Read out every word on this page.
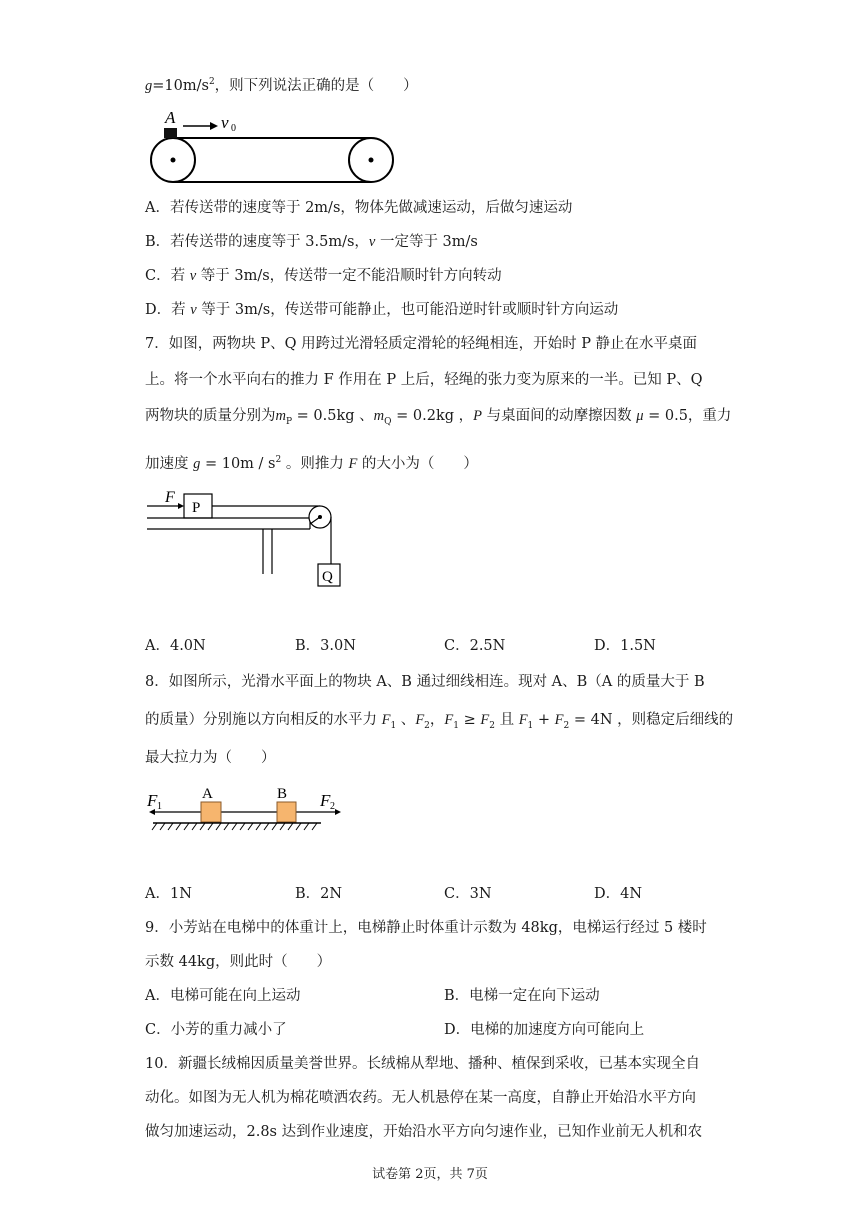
$g=10m/s^2$，则下列说法正确的是（　　）
A	v 0
A．若传送带的速度等于 2m/s，物体先做减速运动，后做匀速运动
B．若传送带的速度等于 3.5m/s，v 一定等于 3m/s
C．若 v 等于 3m/s，传送带一定不能沿顺时针方向转动
D．若 v 等于 3m/s，传送带可能静止，也可能沿逆时针或顺时针方向运动
7．如图，两物块 P、Q 用跨过光滑轻质定滑轮的轻绳相连，开始时 P 静止在水平桌面
上。将一个水平向右的推力 F 作用在 P 上后，轻绳的张力变为原来的一半。已知 P、Q
两物块的质量分别为$m_P = 0.5kg$ 、$m_Q = 0.2kg$ ，P 与桌面间的动摩擦因数 μ = 0.5，重力
加速度 $g = 10m / s^2$ 。则推力 F 的大小为（　　）
F
P
Q
A．4.0N	B．3.0N	C．2.5N	D．1.5N
8．如图所示，光滑水平面上的物块 A、B 通过细线相连。现对 A、B（A 的质量大于 B
的质量）分别施以方向相反的水平力 $F_1$ 、$F_2$，$F_1 \ge F_2$ 且 $F_1 + F_2 = 4N$ ，则稳定后细线的
最大拉力为（　　）
F 1
A	B F 2
A．1N	B．2N	C．3N	D．4N
9．小芳站在电梯中的体重计上，电梯静止时体重计示数为 48kg，电梯运行经过 5 楼时
示数 44kg，则此时（　　）
A．电梯可能在向上运动	B．电梯一定在向下运动
C．小芳的重力减小了	D．电梯的加速度方向可能向上
10．新疆长绒棉因质量美誉世界。长绒棉从犁地、播种、植保到采收，已基本实现全自
动化。如图为无人机为棉花喷洒农药。无人机悬停在某一高度，自静止开始沿水平方向
做匀加速运动，2.8s 达到作业速度，开始沿水平方向匀速作业，已知作业前无人机和农
试卷第 2页，共 7页
